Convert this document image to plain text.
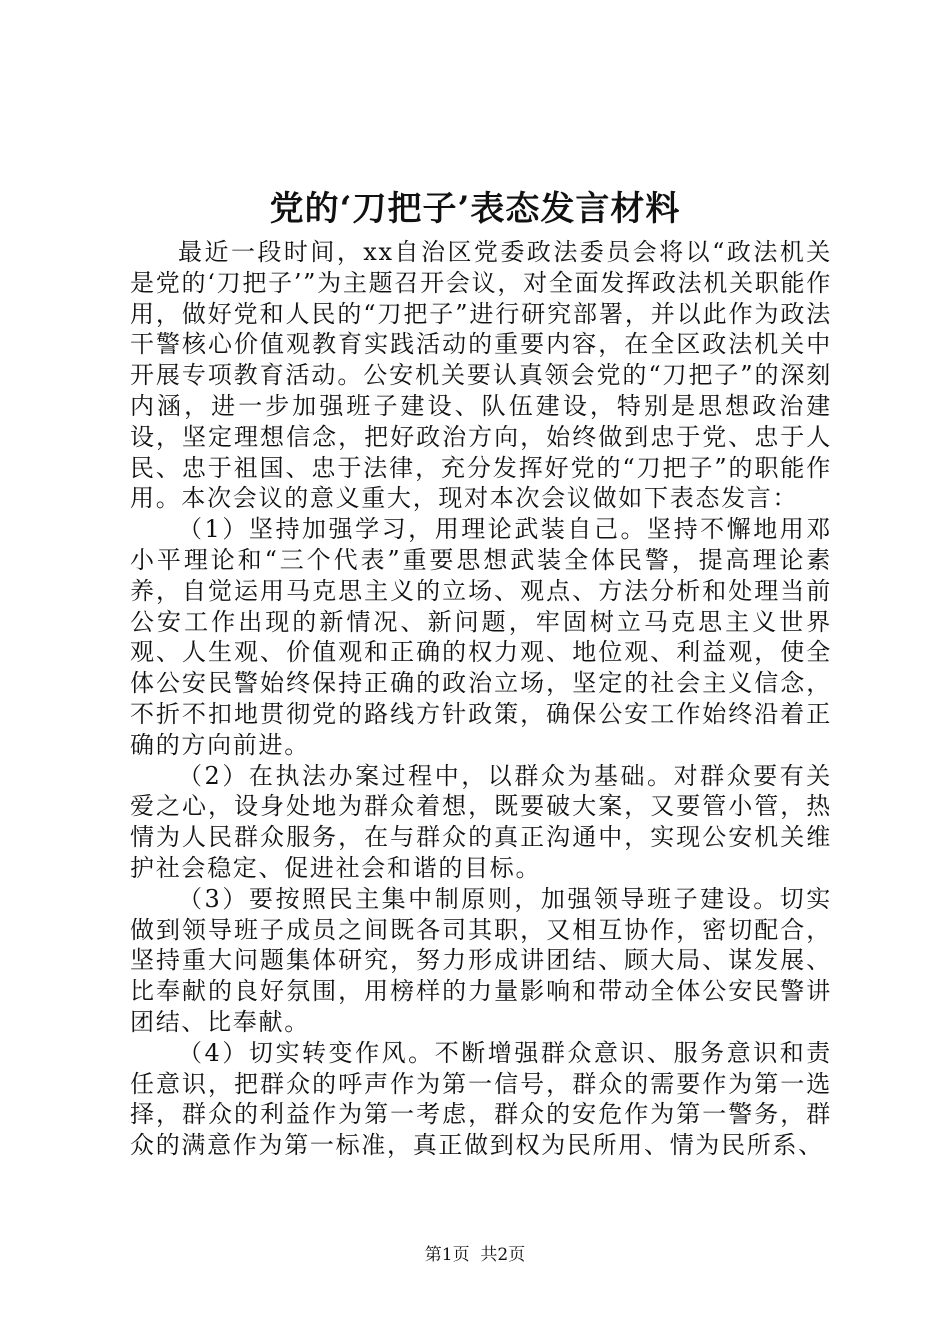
党的‘刀把子’表态发言材料

最近一段时间，xx自治区党委政法委员会将以“政法机关是党的‘刀把子’”为主题召开会议，对全面发挥政法机关职能作用，做好党和人民的“刀把子”进行研究部署，并以此作为政法干警核心价值观教育实践活动的重要内容，在全区政法机关中开展专项教育活动。公安机关要认真领会党的“刀把子”的深刻内涵，进一步加强班子建设、队伍建设，特别是思想政治建设，坚定理想信念，把好政治方向，始终做到忠于党、忠于人民、忠于祖国、忠于法律，充分发挥好党的“刀把子”的职能作用。本次会议的意义重大，现对本次会议做如下表态发言：

（1）坚持加强学习，用理论武装自己。坚持不懈地用邓小平理论和“三个代表”重要思想武装全体民警，提高理论素养，自觉运用马克思主义的立场、观点、方法分析和处理当前公安工作出现的新情况、新问题，牢固树立马克思主义世界观、人生观、价值观和正确的权力观、地位观、利益观，使全体公安民警始终保持正确的政治立场，坚定的社会主义信念，不折不扣地贯彻党的路线方针政策，确保公安工作始终沿着正确的方向前进。

（2）在执法办案过程中，以群众为基础。对群众要有关爱之心，设身处地为群众着想，既要破大案，又要管小管，热情为人民群众服务，在与群众的真正沟通中，实现公安机关维护社会稳定、促进社会和谐的目标。

（3）要按照民主集中制原则，加强领导班子建设。切实做到领导班子成员之间既各司其职，又相互协作，密切配合，坚持重大问题集体研究，努力形成讲团结、顾大局、谋发展、比奉献的良好氛围，用榜样的力量影响和带动全体公安民警讲团结、比奉献。

（4）切实转变作风。不断增强群众意识、服务意识和责任意识，把群众的呼声作为第一信号，群众的需要作为第一选择，群众的利益作为第一考虑，群众的安危作为第一警务，群众的满意作为第一标准，真正做到权为民所用、情为民所系、

第1页 共2页
